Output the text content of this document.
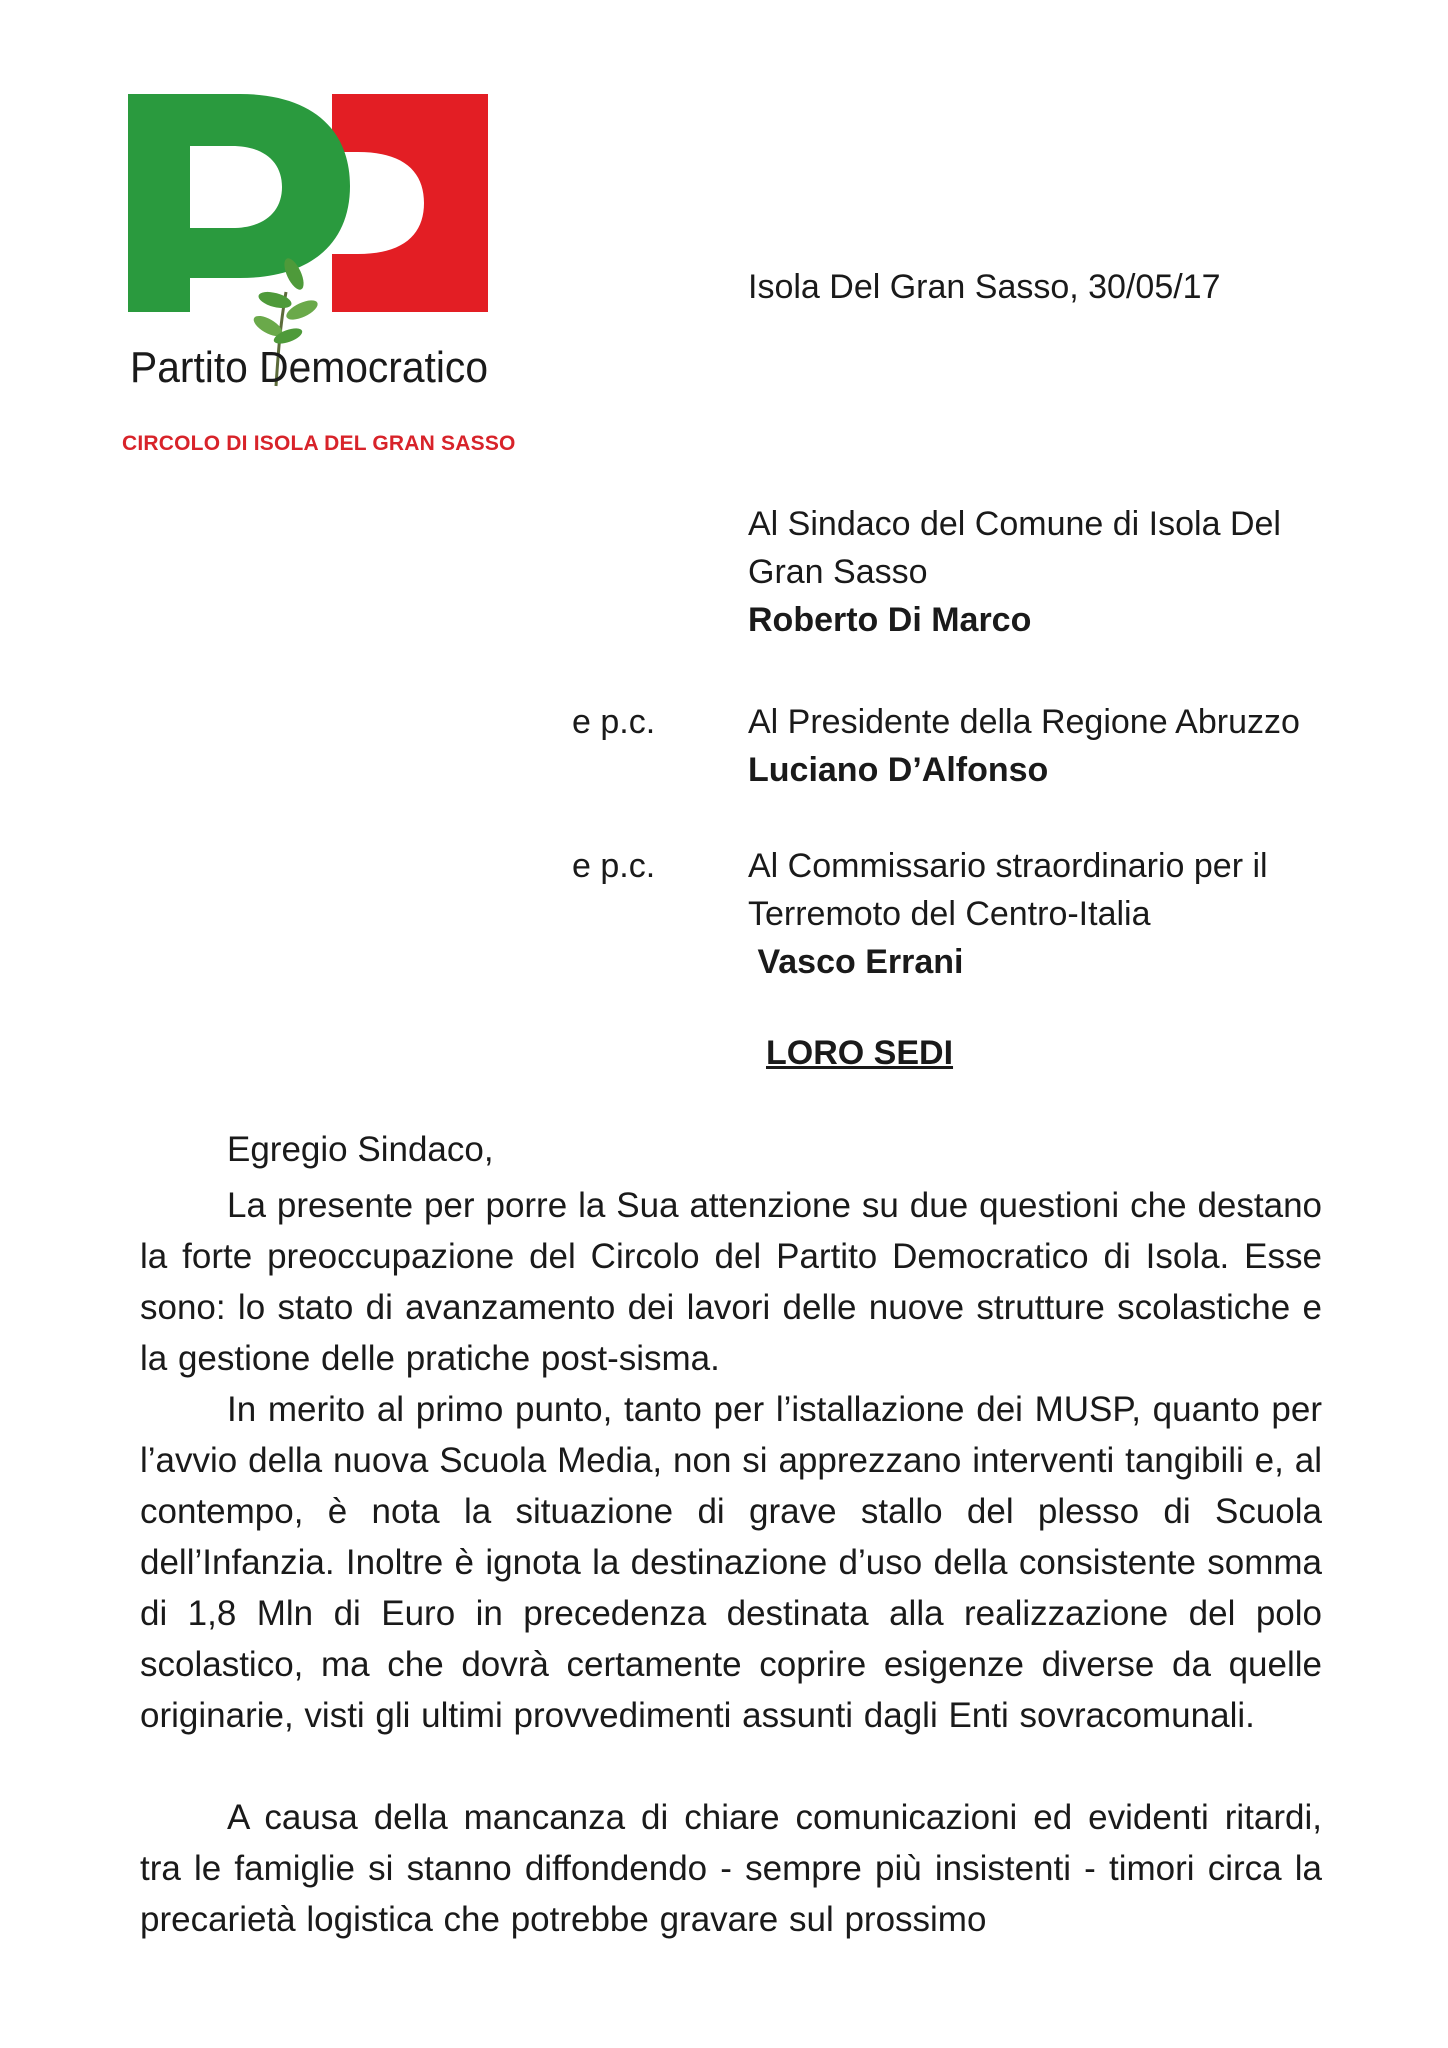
Partito Democratico
CIRCOLO DI ISOLA DEL GRAN SASSO
Isola Del Gran Sasso, 30/05/17
Al Sindaco del Comune di Isola Del
Gran Sasso
Roberto Di Marco
e p.c.	Al Presidente della Regione Abruzzo
Luciano D’Alfonso
e p.c.	Al Commissario straordinario per il
Terremoto del Centro-Italia
Vasco Errani
LORO SEDI
Egregio Sindaco,
La presente per porre la Sua attenzione su due questioni che destano la forte preoccupazione del Circolo del Partito Democratico di Isola. Esse sono: lo stato di avanzamento dei lavori delle nuove strutture scolastiche e la gestione delle pratiche post-sisma.
In merito al primo punto, tanto per l’istallazione dei MUSP, quanto per l’avvio della nuova Scuola Media, non si apprezzano interventi tangibili e, al contempo, è nota la situazione di grave stallo del plesso di Scuola dell’Infanzia. Inoltre è ignota la destinazione d’uso della consistente somma di 1,8 Mln di Euro in precedenza destinata alla realizzazione del polo scolastico, ma che dovrà certamente coprire esigenze diverse da quelle originarie, visti gli ultimi provvedimenti assunti dagli Enti sovracomunali.
A causa della mancanza di chiare comunicazioni ed evidenti ritardi, tra le famiglie si stanno diffondendo - sempre più insistenti - timori circa la precarietà logistica che potrebbe gravare sul prossimo
